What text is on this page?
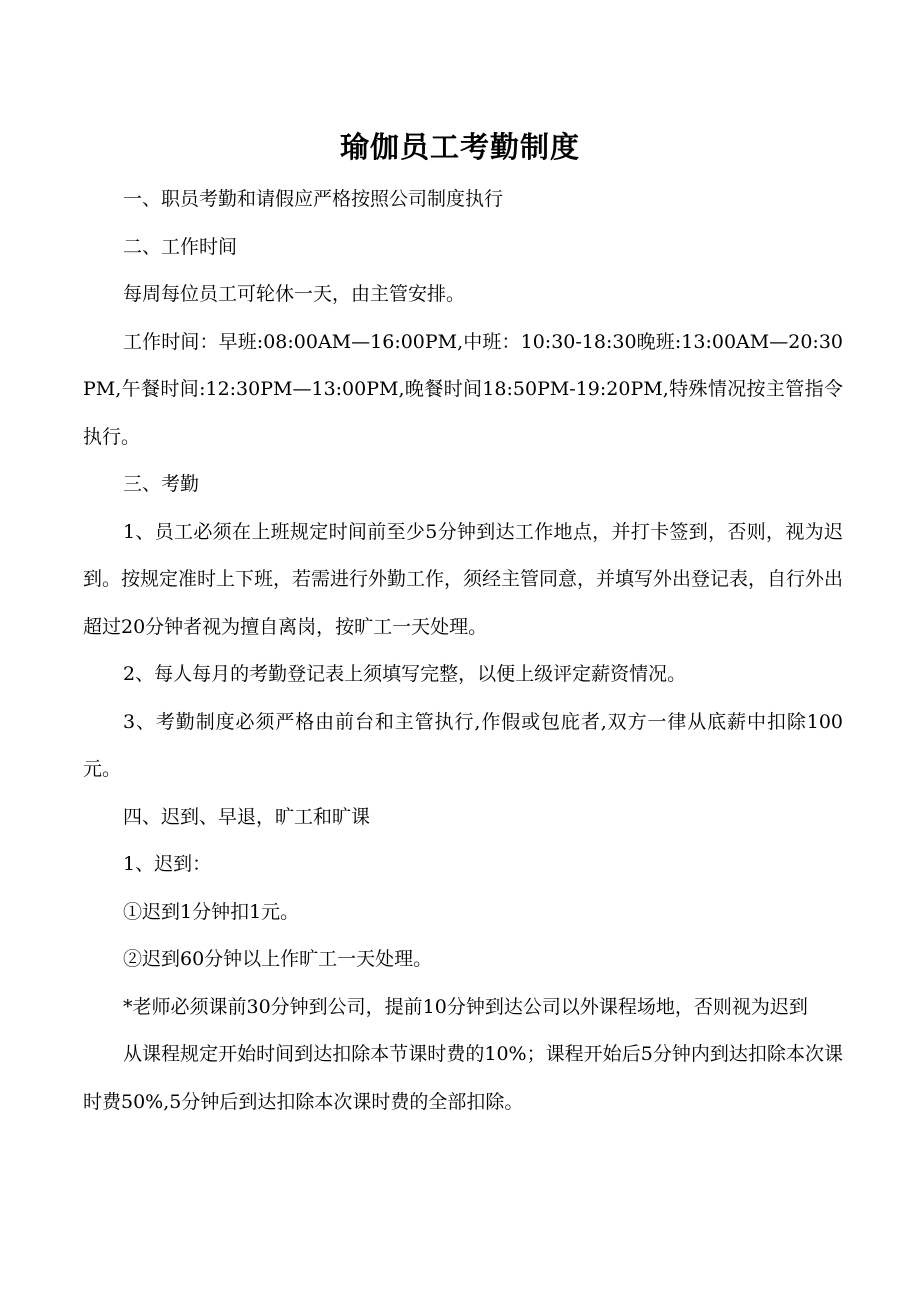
瑜伽员工考勤制度

一、职员考勤和请假应严格按照公司制度执行

二、工作时间

每周每位员工可轮休一天，由主管安排。

工作时间：早班:08:00AM—16:00PM,中班：10:30-18:30晚班:13:00AM—20:30PM,午餐时间:12:30PM—13:00PM,晚餐时间18:50PM-19:20PM,特殊情况按主管指令执行。

三、考勤

1、员工必须在上班规定时间前至少5分钟到达工作地点，并打卡签到，否则，视为迟到。按规定准时上下班，若需进行外勤工作，须经主管同意，并填写外出登记表，自行外出超过20分钟者视为擅自离岗，按旷工一天处理。

2、每人每月的考勤登记表上须填写完整，以便上级评定薪资情况。

3、考勤制度必须严格由前台和主管执行,作假或包庇者,双方一律从底薪中扣除100元。

四、迟到、早退，旷工和旷课

1、迟到：

①迟到1分钟扣1元。

②迟到60分钟以上作旷工一天处理。

*老师必须课前30分钟到公司，提前10分钟到达公司以外课程场地，否则视为迟到

从课程规定开始时间到达扣除本节课时费的10%；课程开始后5分钟内到达扣除本次课时费50%,5分钟后到达扣除本次课时费的全部扣除。
